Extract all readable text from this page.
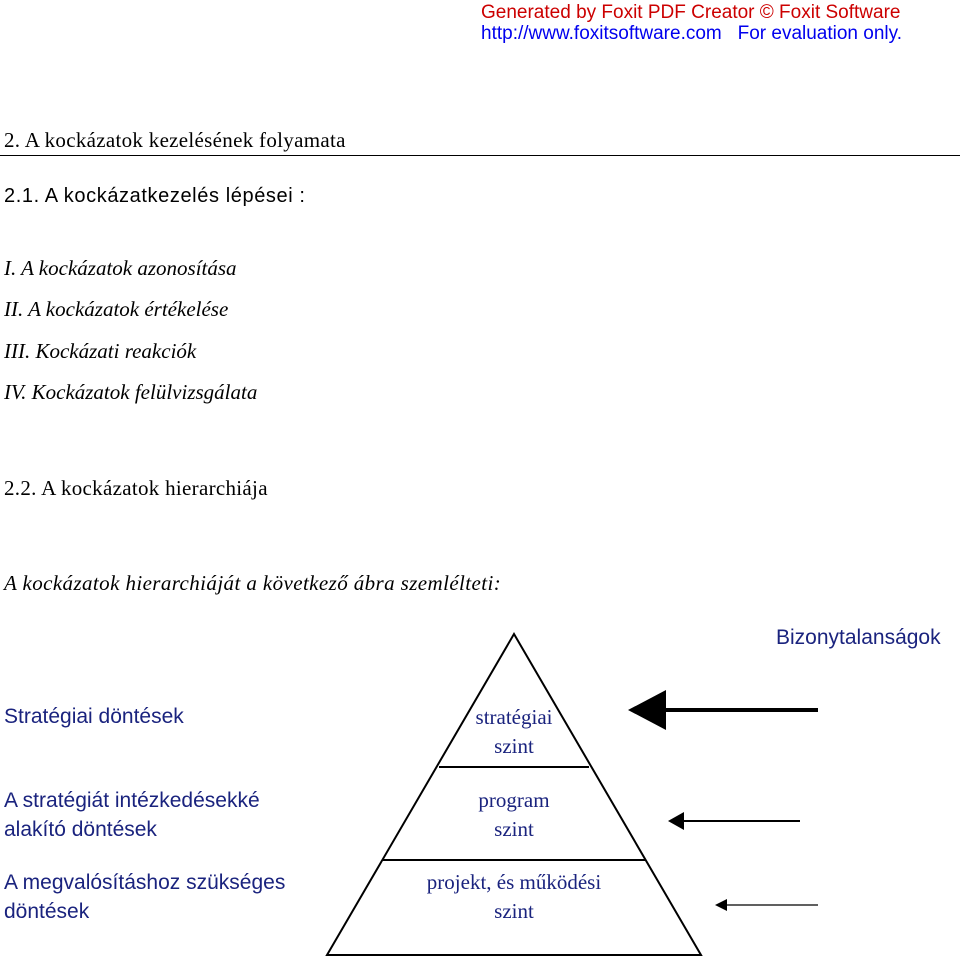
Generated by Foxit PDF Creator © Foxit Software
http://www.foxitsoftware.com For evaluation only.
2. A kockázatok kezelésének folyamata
2.1. A kockázatkezelés lépései :
I. A kockázatok azonosítása
II. A kockázatok értékelése
III. Kockázati reakciók
IV. Kockázatok felülvizsgálata
2.2. A kockázatok hierarchiája
A kockázatok hierarchiáját a következő ábra szemlélteti:
Bizonytalanságok
Stratégiai döntések
A stratégiát intézkedésekké
alakító döntések
A megvalósításhoz szükséges
döntések
stratégiai
szint
program
szint
projekt, és működési
szint
